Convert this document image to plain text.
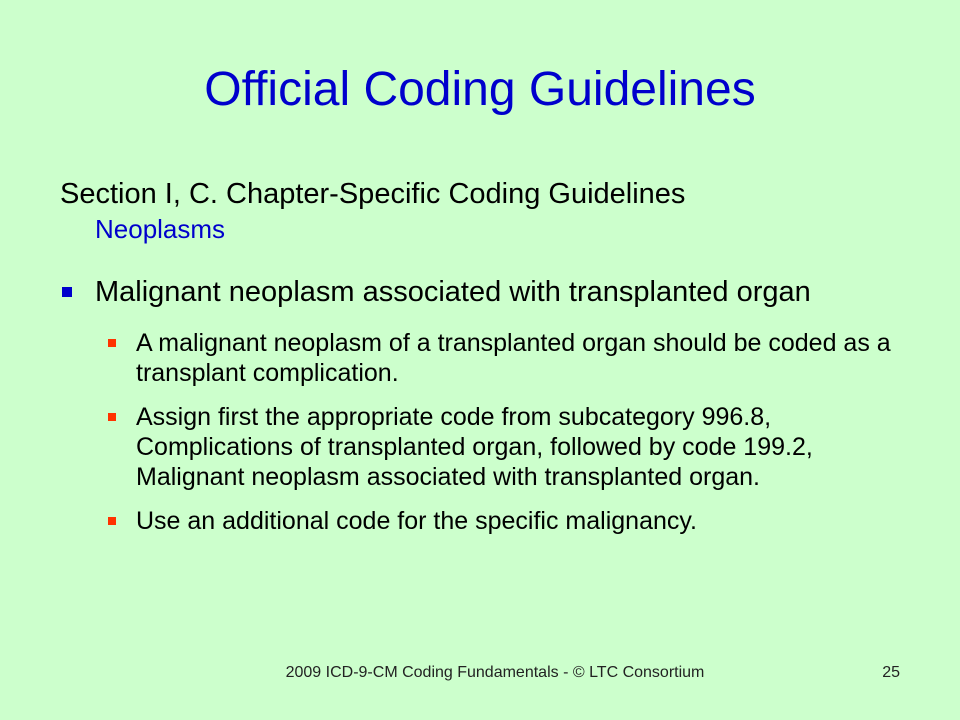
Official Coding Guidelines
Section I, C. Chapter-Specific Coding Guidelines
Neoplasms
Malignant neoplasm associated with transplanted organ
A malignant neoplasm of a transplanted organ should be coded as a transplant complication.
Assign first the appropriate code from subcategory 996.8, Complications of transplanted organ, followed by code 199.2, Malignant neoplasm associated with transplanted organ.
Use an additional code for the specific malignancy.
2009 ICD-9-CM Coding Fundamentals - © LTC Consortium	25
